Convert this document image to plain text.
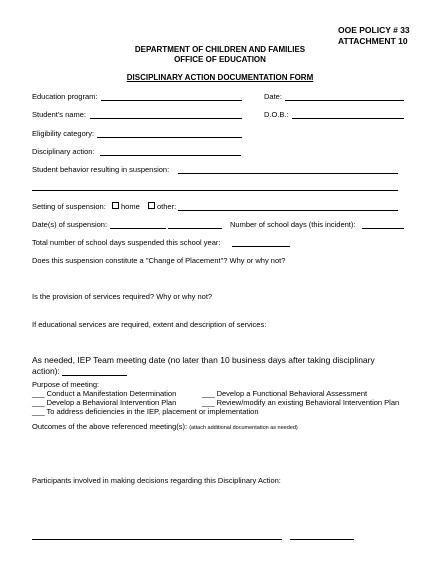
OOE POLICY # 33
ATTACHMENT 10
DEPARTMENT OF CHILDREN AND FAMILIES
OFFICE OF EDUCATION
DISCIPLINARY ACTION DOCUMENTATION FORM
Education program:	Date:
Student's name:	D.O.B.:
Eligibility category:
Disciplinary action:
Student behavior resulting in suspension:
Setting of suspension: home other:
Date(s) of suspension:	Number of school days (this incident):
Total number of school days suspended this school year:
Does this suspension constitute a "Change of Placement"? Why or why not?
Is the provision of services required? Why or why not?
If educational services are required, extent and description of services:
As needed, IEP Team meeting date (no later than 10 business days after taking disciplinary
action):
Purpose of meeting:
___ Conduct a Manifestation Determination	___ Develop a Functional Behavioral Assessment
___ Develop a Behavioral Intervention Plan	___ Review/modify an existing Behavioral Intervention Plan
___ To address deficiencies in the IEP, placement or implementation
Outcomes of the above referenced meeting(s): (attach additional documentation as needed)
Participants involved in making decisions regarding this Disciplinary Action:
